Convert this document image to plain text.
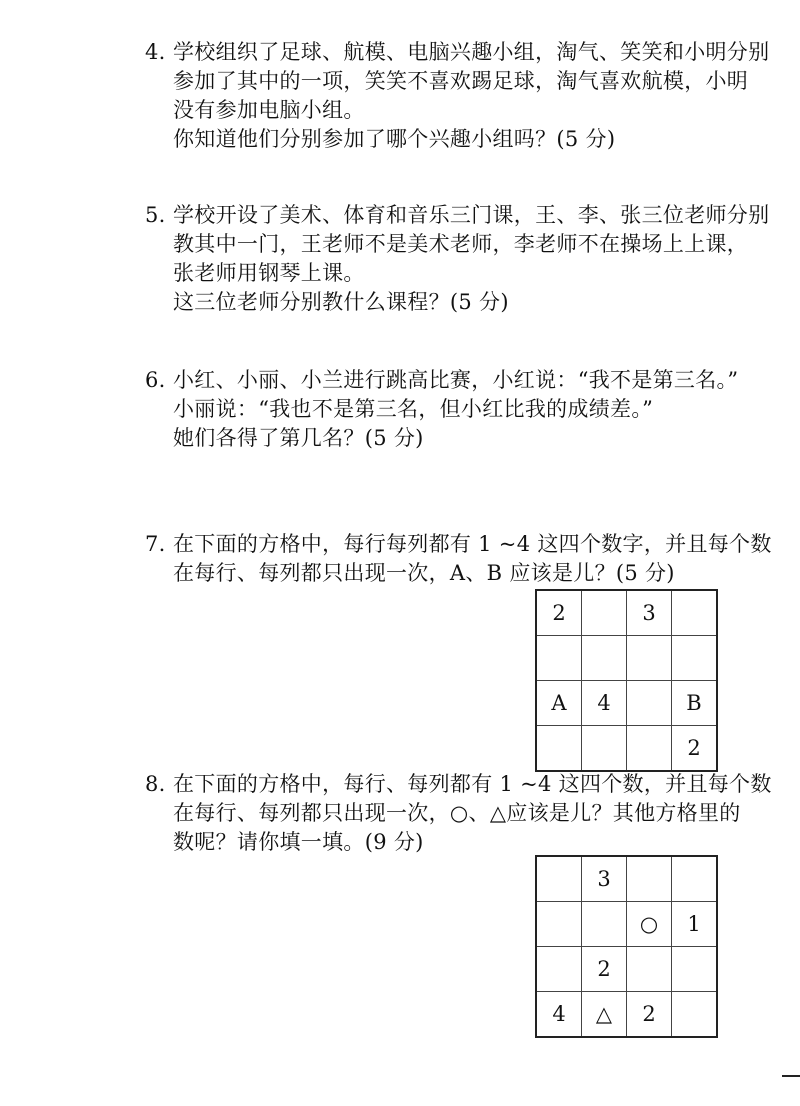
4. 学校组织了足球、航模、电脑兴趣小组，淘气、笑笑和小明分别
参加了其中的一项，笑笑不喜欢踢足球，淘气喜欢航模，小明
没有参加电脑小组。
你知道他们分别参加了哪个兴趣小组吗？(5 分)
5. 学校开设了美术、体育和音乐三门课，王、李、张三位老师分别
教其中一门，王老师不是美术老师，李老师不在操场上上课，
张老师用钢琴上课。
这三位老师分别教什么课程？(5 分)
6. 小红、小丽、小兰进行跳高比赛，小红说：“我不是第三名。”
小丽说：“我也不是第三名，但小红比我的成绩差。”
她们各得了第几名？(5 分)
7. 在下面的方格中，每行每列都有 1 ~4 这四个数字，并且每个数
在每行、每列都只出现一次，A、B 应该是儿？(5 分)
2		3	

A	4		B
			2
8. 在下面的方格中，每行、每列都有 1 ~4 这四个数，并且每个数
在每行、每列都只出现一次，○、△应该是儿？其他方格里的
数呢？请你填一填。(9 分)
	3		
		○	1
	2		
4	△	2	
